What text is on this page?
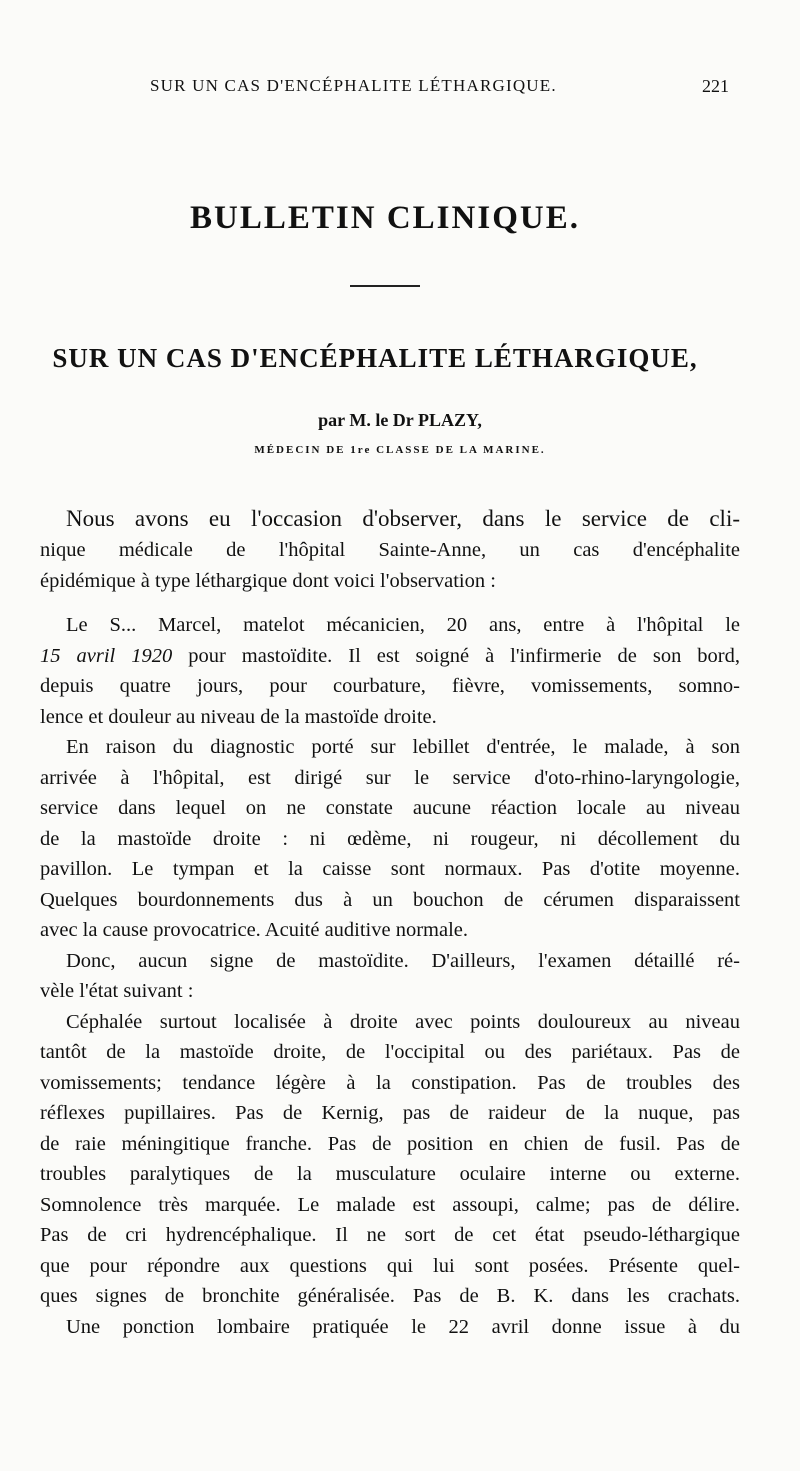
SUR UN CAS D'ENCÉPHALITE LÉTHARGIQUE.	221
BULLETIN CLINIQUE.
SUR UN CAS D'ENCÉPHALITE LÉTHARGIQUE,
par M. le Dr PLAZY,
MÉDECIN DE 1re CLASSE DE LA MARINE.
Nous avons eu l'occasion d'observer, dans le service de cli-
nique médicale de l'hôpital Sainte-Anne, un cas d'encéphalite
épidémique à type léthargique dont voici l'observation :
Le S... Marcel, matelot mécanicien, 20 ans, entre à l'hôpital le
15 avril 1920 pour mastoïdite. Il est soigné à l'infirmerie de son bord,
depuis quatre jours, pour courbature, fièvre, vomissements, somno-
lence et douleur au niveau de la mastoïde droite.
En raison du diagnostic porté sur lebillet d'entrée, le malade, à son
arrivée à l'hôpital, est dirigé sur le service d'oto-rhino-laryngologie,
service dans lequel on ne constate aucune réaction locale au niveau
de la mastoïde droite : ni œdème, ni rougeur, ni décollement du
pavillon. Le tympan et la caisse sont normaux. Pas d'otite moyenne.
Quelques bourdonnements dus à un bouchon de cérumen disparaissent
avec la cause provocatrice. Acuité auditive normale.
Donc, aucun signe de mastoïdite. D'ailleurs, l'examen détaillé ré-
vèle l'état suivant :
Céphalée surtout localisée à droite avec points douloureux au niveau
tantôt de la mastoïde droite, de l'occipital ou des pariétaux. Pas de
vomissements; tendance légère à la constipation. Pas de troubles des
réflexes pupillaires. Pas de Kernig, pas de raideur de la nuque, pas
de raie méningitique franche. Pas de position en chien de fusil. Pas de
troubles paralytiques de la musculature oculaire interne ou externe.
Somnolence très marquée. Le malade est assoupi, calme; pas de délire.
Pas de cri hydrencéphalique. Il ne sort de cet état pseudo-léthargique
que pour répondre aux questions qui lui sont posées. Présente quel-
ques signes de bronchite généralisée. Pas de B. K. dans les crachats.
Une ponction lombaire pratiquée le 22 avril donne issue à du
